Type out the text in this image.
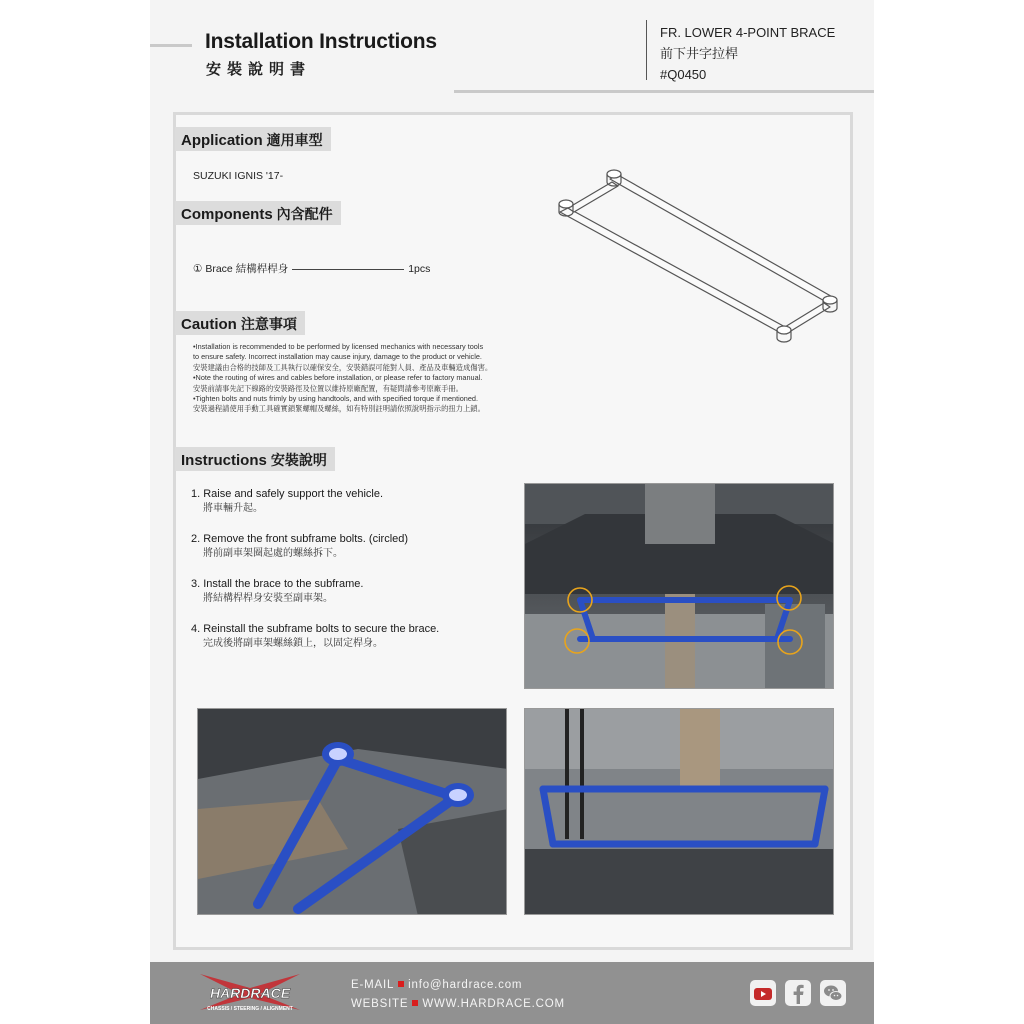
Installation Instructions
安裝說明書
FR. LOWER 4-POINT BRACE
前下井字拉桿
#Q0450
Application 適用車型
SUZUKI IGNIS '17-
Components 內含配件
① Brace 結構桿桿身	1pcs
Caution 注意事項
•Installation is recommended to be performed by licensed mechanics with necessary tools
to ensure safety. Incorrect installation may cause injury, damage to the product or vehicle.
安裝建議由合格的技師及工具執行以確保安全，安裝錯誤可能對人員、產品及車輛造成傷害。
•Note the routing of wires and cables before installation, or please refer to factory manual.
安裝前請事先記下線路的安裝路徑及位置以維持原廠配置，有疑問請參考原廠手冊。
•Tighten bolts and nuts frimly by using handtools, and with specified torque if mentioned.
安裝過程請使用手動工具確實鎖緊螺帽及螺絲，如有特別註明請依照說明指示的扭力上鎖。
Instructions 安裝說明
1. Raise and safely support the vehicle.
將車輛升起。
2. Remove the front subframe bolts. (circled)
將前副車架圈起處的螺絲拆下。
3. Install the brace to the subframe.
將結構桿桿身安裝至副車架。
4. Reinstall the subframe bolts to secure the brace.
完成後將副車架螺絲鎖上，以固定桿身。
HARDRACE
CHASSIS / STEERING / ALIGNMENT
E-MAIL info@hardrace.com
WEBSITE WWW.HARDRACE.COM
